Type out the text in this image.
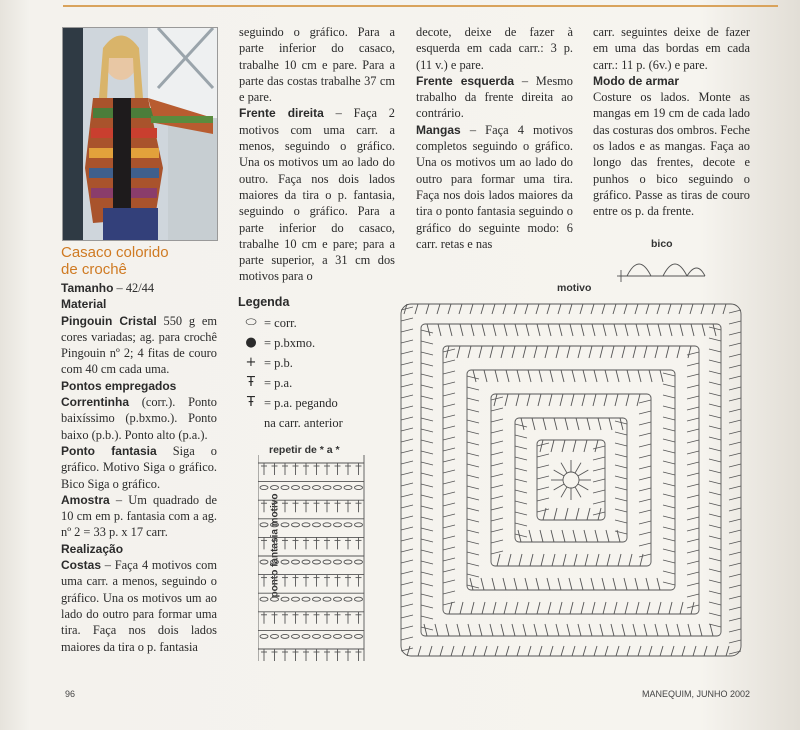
Casaco colorido
de crochê

Tamanho – 42/44

Material

Pingouin Cristal 550 g em cores variadas; ag. para crochê Pingouin nº 2; 4 fitas de couro com 40 cm cada uma.

Pontos empregados

Correntinha (corr.). Ponto baixíssimo (p.bxmo.). Ponto baixo (p.b.). Ponto alto (p.a.).

Ponto fantasia Siga o gráfico. Motivo Siga o gráfico. Bico Siga o gráfico.

Amostra – Um quadrado de 10 cm em p. fantasia com a ag. nº 2 = 33 p. x 17 carr.

Realização

Costas – Faça 4 motivos com uma carr. a menos, seguindo o gráfico. Una os motivos um ao lado do outro para formar uma tira. Faça nos dois lados maiores da tira o p. fantasia

seguindo o gráfico. Para a parte inferior do casaco, trabalhe 10 cm e pare. Para a parte das costas trabalhe 37 cm e pare.

Frente direita – Faça 2 motivos com uma carr. a menos, seguindo o gráfico. Una os motivos um ao lado do outro. Faça nos dois lados maiores da tira o p. fantasia, seguindo o gráfico. Para a parte inferior do casaco, trabalhe 10 cm e pare; para a parte superior, a 31 cm dos motivos para o

decote, deixe de fazer à esquerda em cada carr.: 3 p. (11 v.) e pare.

Frente esquerda – Mesmo trabalho da frente direita ao contrário.

Mangas – Faça 4 motivos completos seguindo o gráfico. Una os motivos um ao lado do outro para formar uma tira. Faça nos dois lados maiores da tira o ponto fantasia seguindo o gráfico do seguinte modo: 6 carr. retas e nas

carr. seguintes deixe de fazer em uma das bordas em cada carr.: 11 p. (6v.) e pare.

Modo de armar

Costure os lados. Monte as mangas em 19 cm de cada lado das costuras dos ombros. Feche os lados e as mangas. Faça ao longo das frentes, decote e punhos o bico seguindo o gráfico. Passe as tiras de couro entre os p. da frente.

Legenda
⬭ = corr.
● = p.bxmo.
+ = p.b.
Ŧ = p.a.
Ŧ = p.a. pegando
na carr. anterior
repetir de * a *
ponto fantasia motivo
motivo
bico
96	MANEQUIM, JUNHO 2002
